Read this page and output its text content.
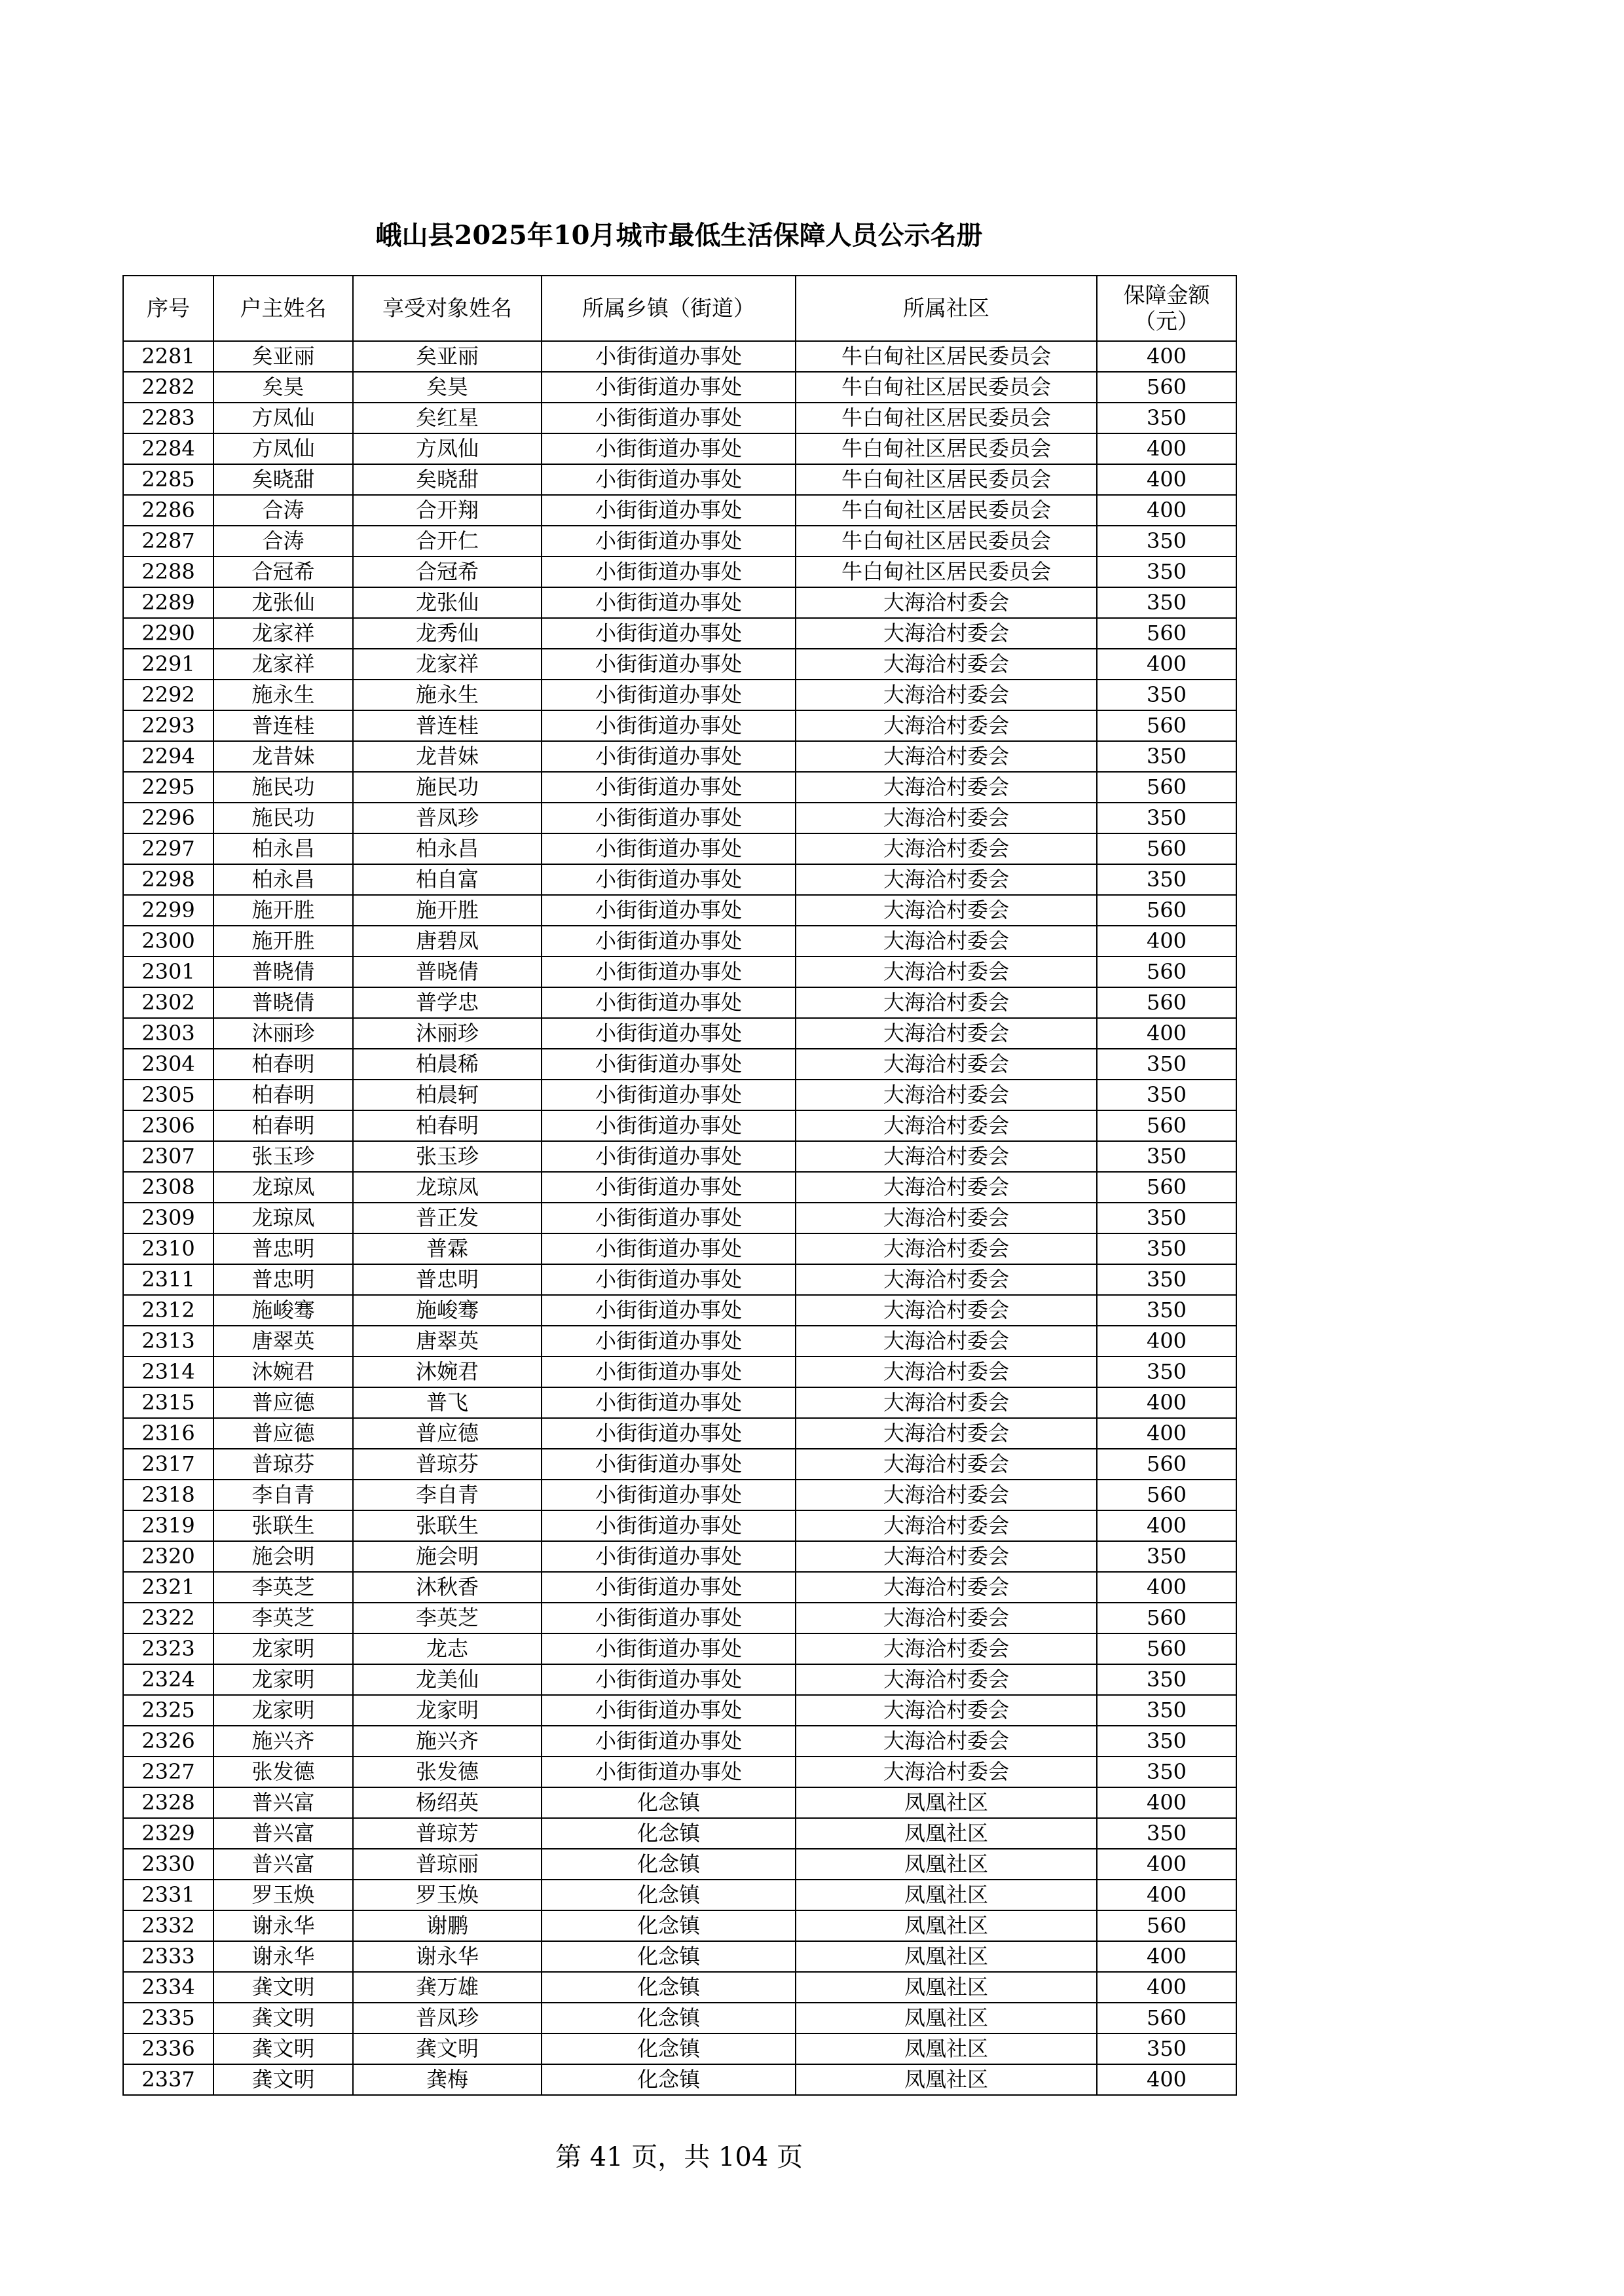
峨山县2025年10月城市最低生活保障人员公示名册
序号	户主姓名	享受对象姓名	所属乡镇（街道）	所属社区	保障金额
（元）

2281	矣亚丽	矣亚丽	小街街道办事处	牛白甸社区居民委员会	400
2282	矣昊	矣昊	小街街道办事处	牛白甸社区居民委员会	560
2283	方凤仙	矣红星	小街街道办事处	牛白甸社区居民委员会	350
2284	方凤仙	方凤仙	小街街道办事处	牛白甸社区居民委员会	400
2285	矣晓甜	矣晓甜	小街街道办事处	牛白甸社区居民委员会	400
2286	合涛	合开翔	小街街道办事处	牛白甸社区居民委员会	400
2287	合涛	合开仁	小街街道办事处	牛白甸社区居民委员会	350
2288	合冠希	合冠希	小街街道办事处	牛白甸社区居民委员会	350
2289	龙张仙	龙张仙	小街街道办事处	大海洽村委会	350
2290	龙家祥	龙秀仙	小街街道办事处	大海洽村委会	560
2291	龙家祥	龙家祥	小街街道办事处	大海洽村委会	400
2292	施永生	施永生	小街街道办事处	大海洽村委会	350
2293	普连桂	普连桂	小街街道办事处	大海洽村委会	560
2294	龙昔妹	龙昔妹	小街街道办事处	大海洽村委会	350
2295	施民功	施民功	小街街道办事处	大海洽村委会	560
2296	施民功	普凤珍	小街街道办事处	大海洽村委会	350
2297	柏永昌	柏永昌	小街街道办事处	大海洽村委会	560
2298	柏永昌	柏自富	小街街道办事处	大海洽村委会	350
2299	施开胜	施开胜	小街街道办事处	大海洽村委会	560
2300	施开胜	唐碧凤	小街街道办事处	大海洽村委会	400
2301	普晓倩	普晓倩	小街街道办事处	大海洽村委会	560
2302	普晓倩	普学忠	小街街道办事处	大海洽村委会	560
2303	沐丽珍	沐丽珍	小街街道办事处	大海洽村委会	400
2304	柏春明	柏晨稀	小街街道办事处	大海洽村委会	350
2305	柏春明	柏晨轲	小街街道办事处	大海洽村委会	350
2306	柏春明	柏春明	小街街道办事处	大海洽村委会	560
2307	张玉珍	张玉珍	小街街道办事处	大海洽村委会	350
2308	龙琼凤	龙琼凤	小街街道办事处	大海洽村委会	560
2309	龙琼凤	普正发	小街街道办事处	大海洽村委会	350
2310	普忠明	普霖	小街街道办事处	大海洽村委会	350
2311	普忠明	普忠明	小街街道办事处	大海洽村委会	350
2312	施峻骞	施峻骞	小街街道办事处	大海洽村委会	350
2313	唐翠英	唐翠英	小街街道办事处	大海洽村委会	400
2314	沐婉君	沐婉君	小街街道办事处	大海洽村委会	350
2315	普应德	普飞	小街街道办事处	大海洽村委会	400
2316	普应德	普应德	小街街道办事处	大海洽村委会	400
2317	普琼芬	普琼芬	小街街道办事处	大海洽村委会	560
2318	李自青	李自青	小街街道办事处	大海洽村委会	560
2319	张联生	张联生	小街街道办事处	大海洽村委会	400
2320	施会明	施会明	小街街道办事处	大海洽村委会	350
2321	李英芝	沐秋香	小街街道办事处	大海洽村委会	400
2322	李英芝	李英芝	小街街道办事处	大海洽村委会	560
2323	龙家明	龙志	小街街道办事处	大海洽村委会	560
2324	龙家明	龙美仙	小街街道办事处	大海洽村委会	350
2325	龙家明	龙家明	小街街道办事处	大海洽村委会	350
2326	施兴齐	施兴齐	小街街道办事处	大海洽村委会	350
2327	张发德	张发德	小街街道办事处	大海洽村委会	350
2328	普兴富	杨绍英	化念镇	凤凰社区	400
2329	普兴富	普琼芳	化念镇	凤凰社区	350
2330	普兴富	普琼丽	化念镇	凤凰社区	400
2331	罗玉焕	罗玉焕	化念镇	凤凰社区	400
2332	谢永华	谢鹏	化念镇	凤凰社区	560
2333	谢永华	谢永华	化念镇	凤凰社区	400
2334	龚文明	龚万雄	化念镇	凤凰社区	400
2335	龚文明	普凤珍	化念镇	凤凰社区	560
2336	龚文明	龚文明	化念镇	凤凰社区	350
2337	龚文明	龚梅	化念镇	凤凰社区	400
第 41 页，共 104 页
